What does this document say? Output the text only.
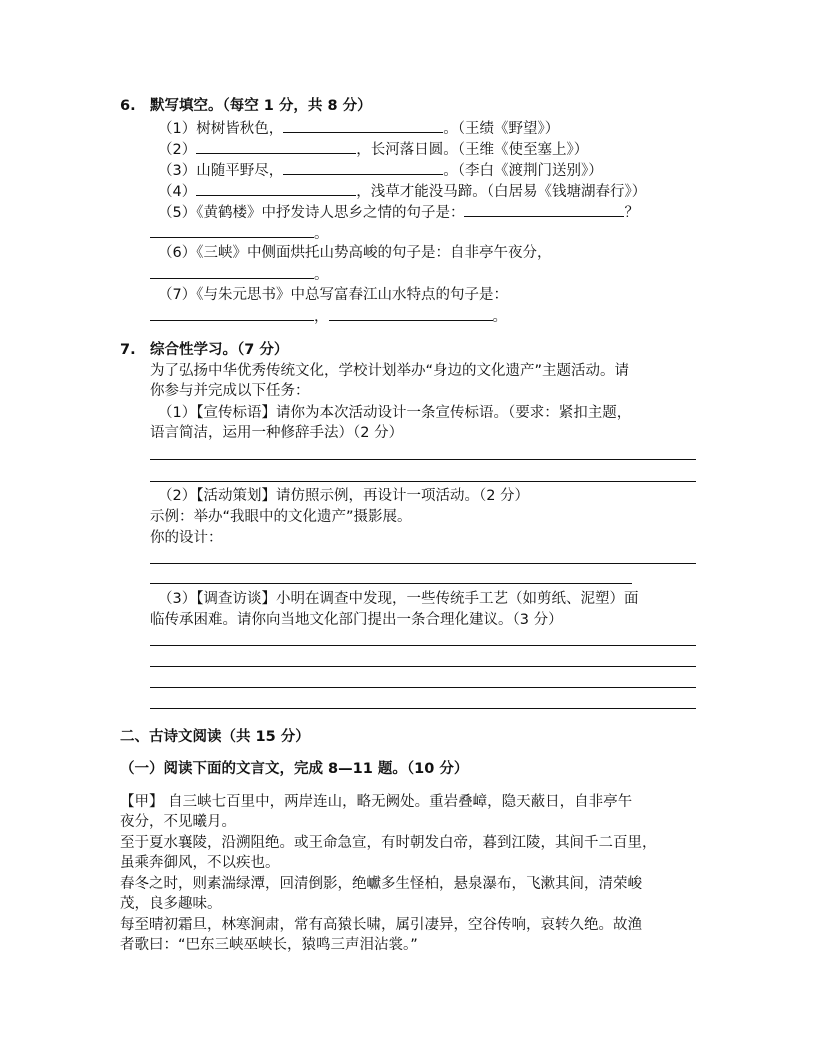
6. 默写填空。（每空 1 分，共 8 分）
（1）树树皆秋色，	。（王绩《野望》）
（2）	，长河落日圆。（王维《使至塞上》）
（3）山随平野尽，	。（李白《渡荆门送别》）
（4）	，浅草才能没马蹄。（白居易《钱塘湖春行》）
（5）《黄鹤楼》中抒发诗人思乡之情的句子是：	？
。
（6）《三峡》中侧面烘托山势高峻的句子是：自非亭午夜分，
。
（7）《与朱元思书》中总写富春江山水特点的句子是：
，	。
7. 综合性学习。（7 分）
为了弘扬中华优秀传统文化，学校计划举办“身边的文化遗产”主题活动。请
你参与并完成以下任务：
（1）【宣传标语】请你为本次活动设计一条宣传标语。（要求：紧扣主题，
语言简洁，运用一种修辞手法）（2 分）
（2）【活动策划】请仿照示例，再设计一项活动。（2 分）
示例：举办“我眼中的文化遗产”摄影展。
你的设计：
（3）【调查访谈】小明在调查中发现，一些传统手工艺（如剪纸、泥塑）面
临传承困难。请你向当地文化部门提出一条合理化建议。（3 分）
二、古诗文阅读（共 15 分）
（一）阅读下面的文言文，完成 8—11 题。（10 分）
【甲】 自三峡七百里中，两岸连山，略无阙处。重岩叠嶂，隐天蔽日，自非亭午
夜分，不见曦月。
至于夏水襄陵，沿溯阻绝。或王命急宣，有时朝发白帝，暮到江陵，其间千二百里，
虽乘奔御风，不以疾也。
春冬之时，则素湍绿潭，回清倒影，绝巘多生怪柏，悬泉瀑布，飞漱其间，清荣峻
茂，良多趣味。
每至晴初霜旦，林寒涧肃，常有高猿长啸，属引凄异，空谷传响，哀转久绝。故渔
者歌曰：“巴东三峡巫峡长，猿鸣三声泪沾裳。”
